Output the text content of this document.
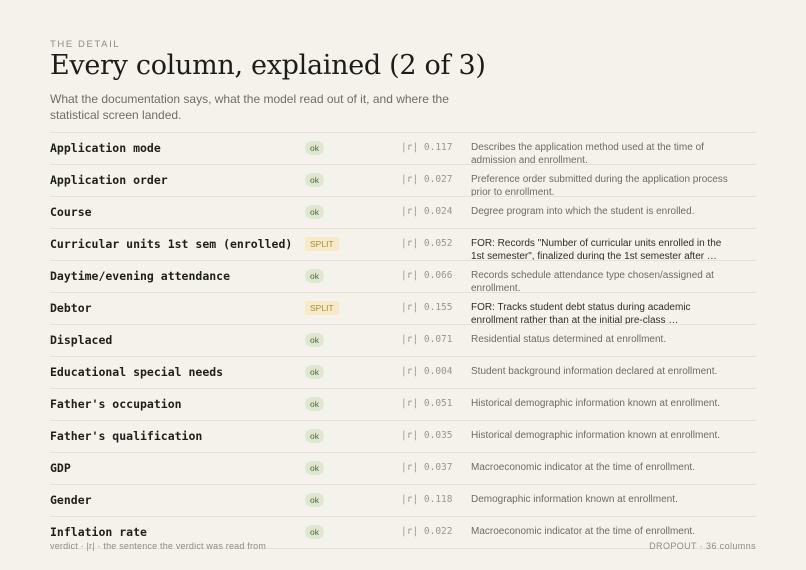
THE DETAIL
Every column, explained (2 of 3)

What the documentation says, what the model read out of it, and where the statistical screen landed.

Application mode	ok	|r| 0.117 Describes the application method used at the time of admission and enrollment.
Application order	ok	|r| 0.027 Preference order submitted during the application process prior to enrollment.
Course	ok	|r| 0.024 Degree program into which the student is enrolled.
Curricular units 1st sem (enrolled)	SPLIT	|r| 0.052 FOR: Records "Number of curricular units enrolled in the 1st semester", finalized during the 1st semester after …
Daytime/evening attendance	ok	|r| 0.066 Records schedule attendance type chosen/assigned at enrollment.
Debtor	SPLIT	|r| 0.155 FOR: Tracks student debt status during academic enrollment rather than at the initial pre-class …
Displaced	ok	|r| 0.071 Residential status determined at enrollment.
Educational special needs	ok	|r| 0.004 Student background information declared at enrollment.
Father's occupation	ok	|r| 0.051 Historical demographic information known at enrollment.
Father's qualification	ok	|r| 0.035 Historical demographic information known at enrollment.
GDP	ok	|r| 0.037 Macroeconomic indicator at the time of enrollment.
Gender	ok	|r| 0.118 Demographic information known at enrollment.
Inflation rate	ok	|r| 0.022 Macroeconomic indicator at the time of enrollment.
verdict · |r| · the sentence the verdict was read from	DROPOUT · 36 columns
